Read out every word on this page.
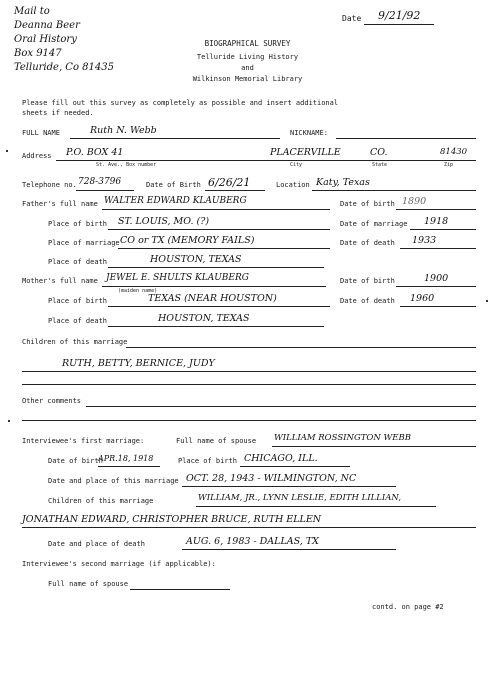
Mail to
Deanna Beer
Oral History
Box 9147
Telluride, Co 81435
Date 9/21/92
BIOGRAPHICAL SURVEY
Telluride Living History
and
Wilkinson Memorial Library
Please fill out this survey as completely as possible and insert additional
sheets if needed.
FULL NAME	Ruth N. Webb	NICKNAME:
Address P.O. BOX 41	PLACERVILLE	CO.	81430
St. Ave., Box number	City	State	Zip
Telephone no. 728-3796	Date of Birth 6/26/21	Location Katy, Texas
Father's full name WALTER EDWARD KLAUBERG	Date of birth 1890
Place of birth ST. LOUIS, MO. (?)	Date of marriage 1918
Place of marriage CO or TX (MEMORY FAILS)	Date of death 1933
Place of death	HOUSTON, TEXAS
Mother's full name JEWEL E. SHULTS KLAUBERG
(maiden name)
Date of birth	1900
Place of birth	TEXAS (NEAR HOUSTON)	Date of death 1960
Place of death	HOUSTON, TEXAS
Children of this marriage
RUTH, BETTY, BERNICE, JUDY
Other comments
Interviewee's first marriage:	Full name of spouse WILLIAM ROSSINGTON WEBB
Date of birth
APR.18, 1918	Place of birth CHICAGO, ILL.
Date and place of this marriage OCT. 28, 1943 - WILMINGTON, NC
Children of this marriage	WILLIAM, JR., LYNN LESLIE, EDITH LILLIAN,
JONATHAN EDWARD, CHRISTOPHER BRUCE, RUTH ELLEN
Date and place of death	AUG. 6, 1983 - DALLAS, TX
Interviewee's second marriage (if applicable):
Full name of spouse
contd. on page #2
